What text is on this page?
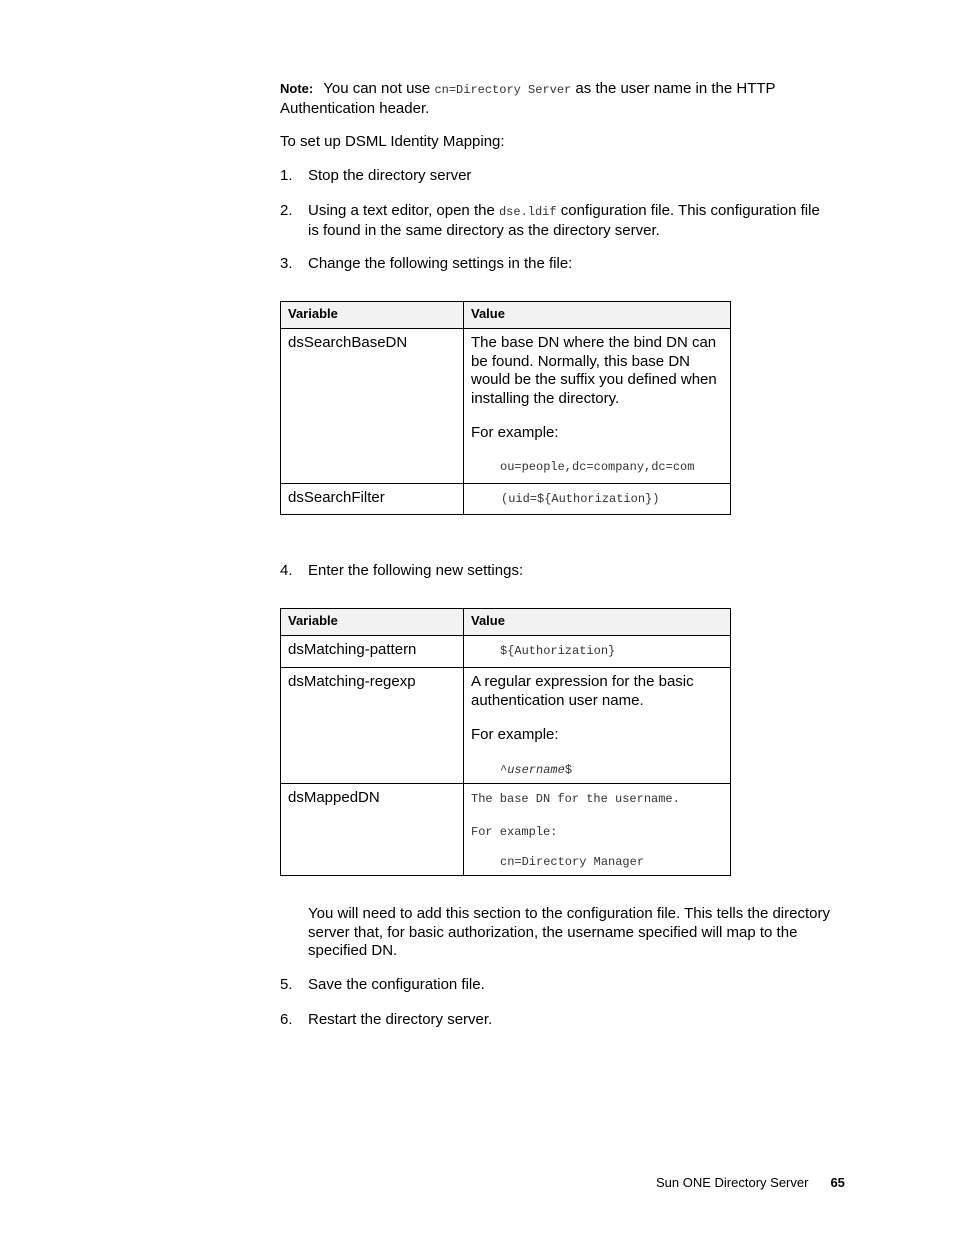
Note: You can not use cn=Directory Server as the user name in the HTTP Authentication header.

To set up DSML Identity Mapping:

1. Stop the directory server

2. Using a text editor, open the dse.ldif configuration file. This configuration file is found in the same directory as the directory server.

3. Change the following settings in the file:

Variable	Value
dsSearchBaseDN	The base DN where the bind DN can be found. Normally, this base DN would be the suffix you defined when installing the directory.

For example:

ou=people,dc=company,dc=com

dsSearchFilter	(uid=${Authorization})

4. Enter the following new settings:

Variable	Value
dsMatching-pattern	${Authorization}

dsMatching-regexp	A regular expression for the basic authentication user name.

For example:

^username$

dsMappedDN	The base DN for the username.

For example:

cn=Directory Manager

You will need to add this section to the configuration file. This tells the directory server that, for basic authorization, the username specified will map to the specified DN.

5. Save the configuration file.

6. Restart the directory server.

Sun ONE Directory Server 65
